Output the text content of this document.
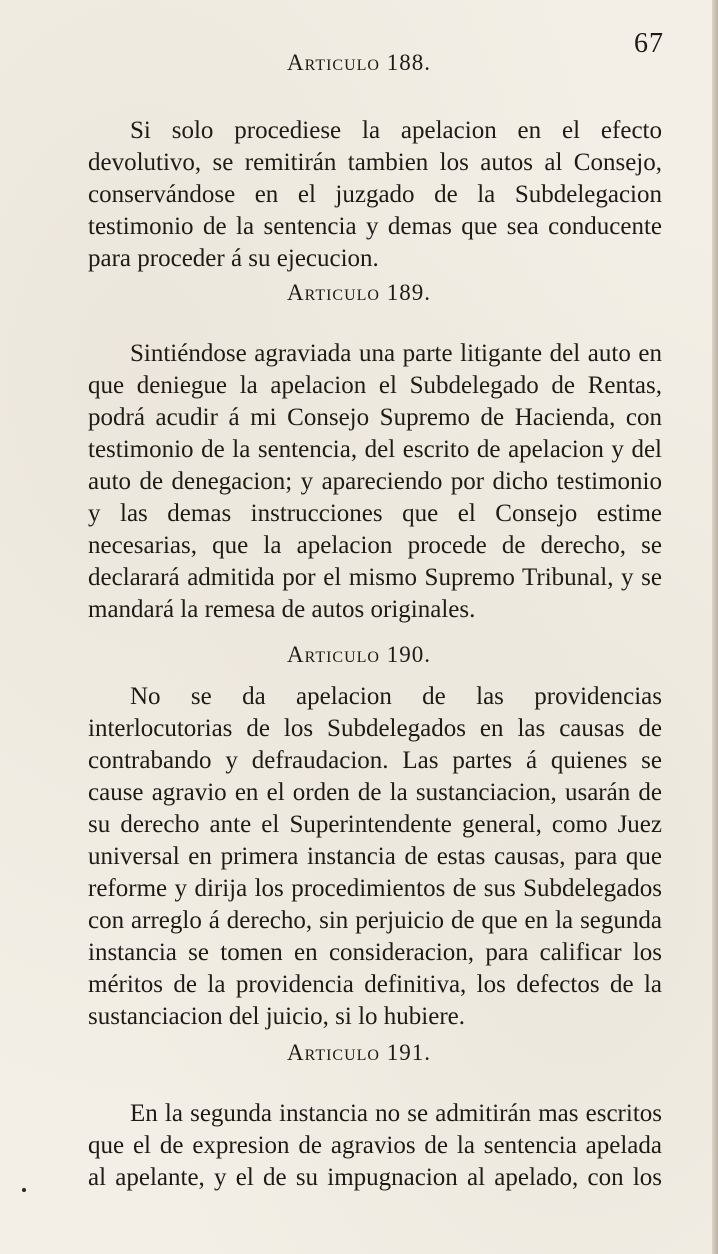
67
Articulo 188.

Si solo procediese la apelacion en el efecto devolutivo, se remitirán tambien los autos al Consejo, conservándose en el juzgado de la Subdelegacion testimonio de la sentencia y demas que sea conducente para proceder á su ejecucion.

Articulo 189.

Sintiéndose agraviada una parte litigante del auto en que deniegue la apelacion el Subdelegado de Rentas, podrá acudir á mi Consejo Supremo de Hacienda, con testimonio de la sentencia, del escrito de apelacion y del auto de denegacion; y apareciendo por dicho testimonio y las demas instrucciones que el Consejo estime necesarias, que la apelacion procede de derecho, se declarará admitida por el mismo Supremo Tribunal, y se mandará la remesa de autos originales.

Articulo 190.

No se da apelacion de las providencias interlocutorias de los Subdelegados en las causas de contrabando y defraudacion. Las partes á quienes se cause agravio en el orden de la sustanciacion, usarán de su derecho ante el Superintendente general, como Juez universal en primera instancia de estas causas, para que reforme y dirija los procedimientos de sus Subdelegados con arreglo á derecho, sin perjuicio de que en la segunda instancia se tomen en consideracion, para calificar los méritos de la providencia definitiva, los defectos de la sustanciacion del juicio, si lo hubiere.

Articulo 191.

En la segunda instancia no se admitirán mas escritos que el de expresion de agravios de la sentencia apelada al apelante, y el de su impugnacion al apelado, con los
